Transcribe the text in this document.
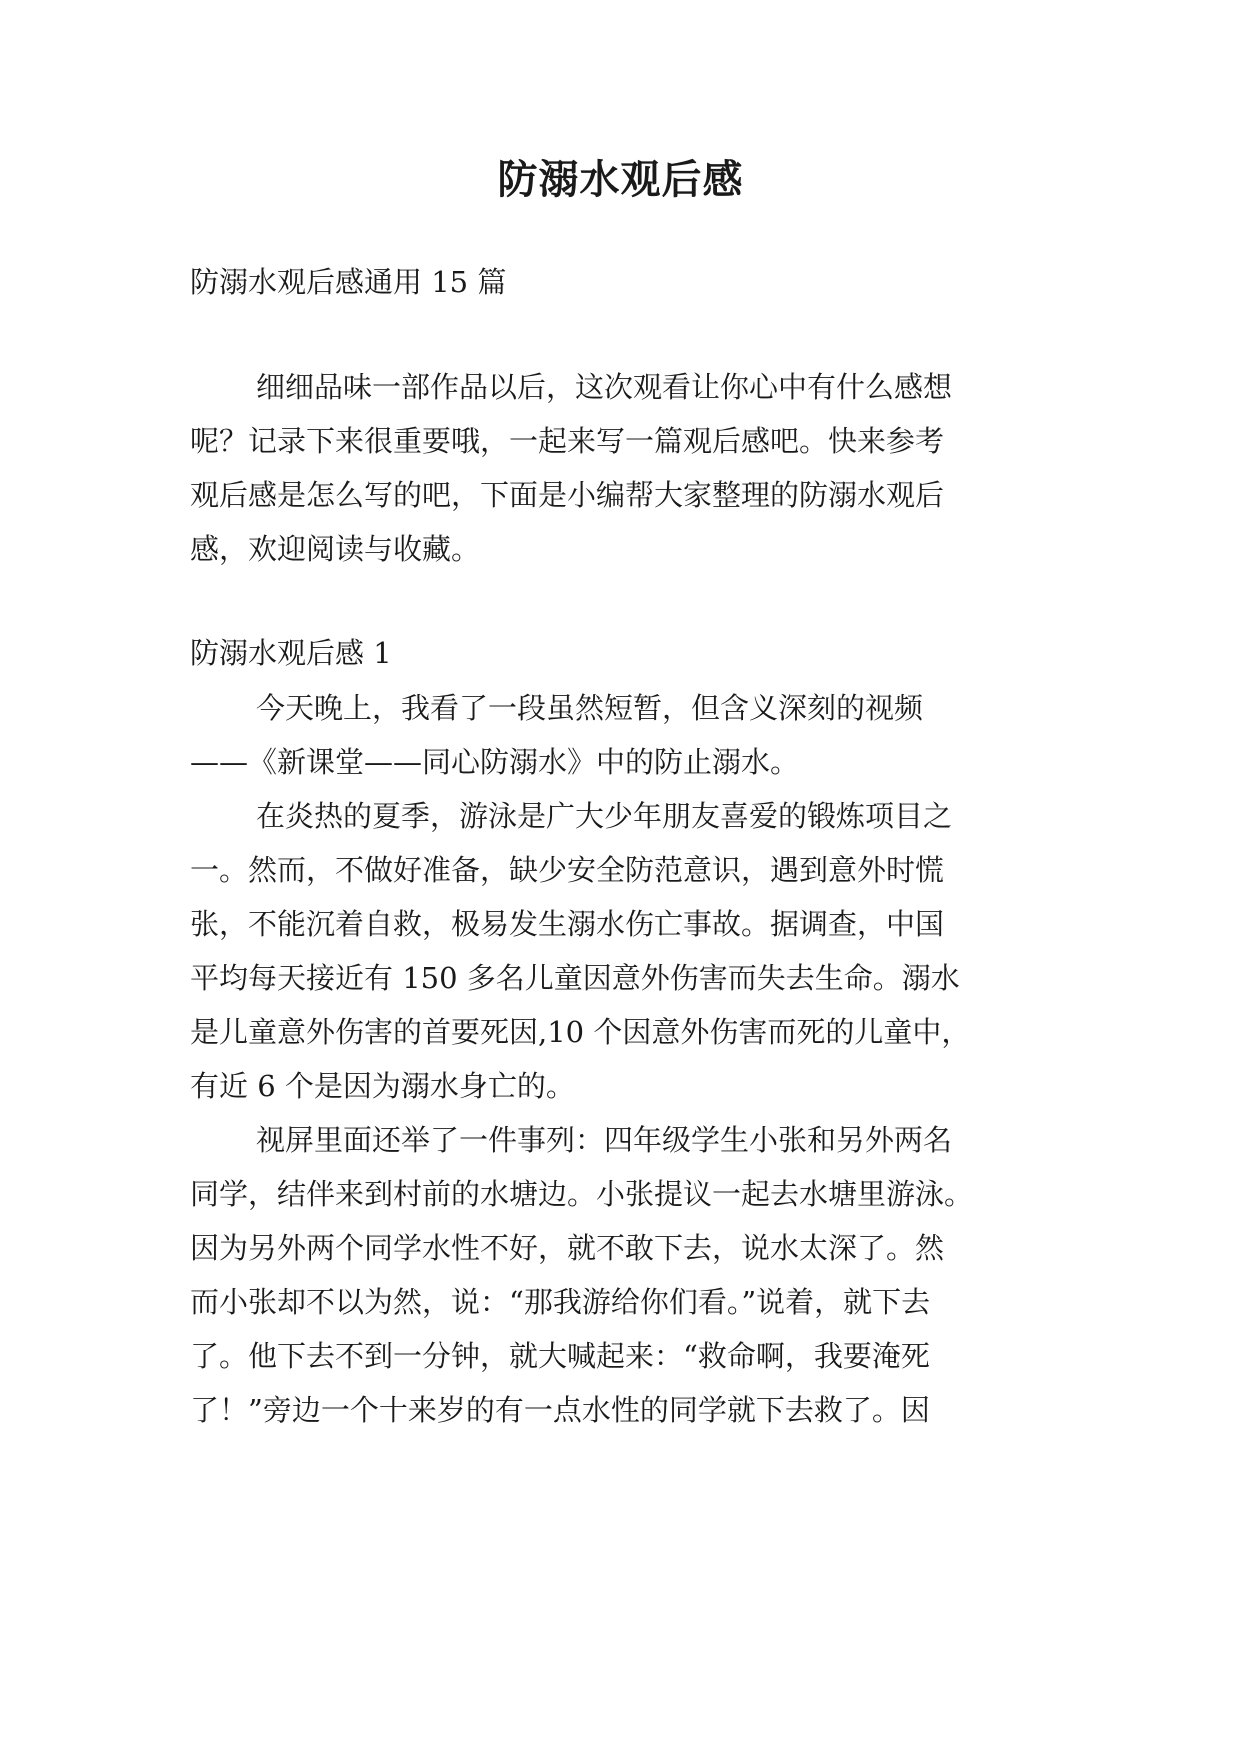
防溺水观后感

防溺水观后感通用 15 篇

细细品味一部作品以后，这次观看让你心中有什么感想

呢？记录下来很重要哦，一起来写一篇观后感吧。快来参考

观后感是怎么写的吧，下面是小编帮大家整理的防溺水观后

感，欢迎阅读与收藏。

防溺水观后感 1

今天晚上，我看了一段虽然短暂，但含义深刻的视频

——《新课堂——同心防溺水》中的防止溺水。

在炎热的夏季，游泳是广大少年朋友喜爱的锻炼项目之

一。然而，不做好准备，缺少安全防范意识，遇到意外时慌

张，不能沉着自救，极易发生溺水伤亡事故。据调查，中国

平均每天接近有 150 多名儿童因意外伤害而失去生命。溺水

是儿童意外伤害的首要死因,10 个因意外伤害而死的儿童中，

有近 6 个是因为溺水身亡的。

视屏里面还举了一件事列：四年级学生小张和另外两名

同学，结伴来到村前的水塘边。小张提议一起去水塘里游泳。

因为另外两个同学水性不好，就不敢下去，说水太深了。然

而小张却不以为然，说：“那我游给你们看。”说着，就下去

了。他下去不到一分钟，就大喊起来：“救命啊，我要淹死

了！”旁边一个十来岁的有一点水性的同学就下去救了。因
